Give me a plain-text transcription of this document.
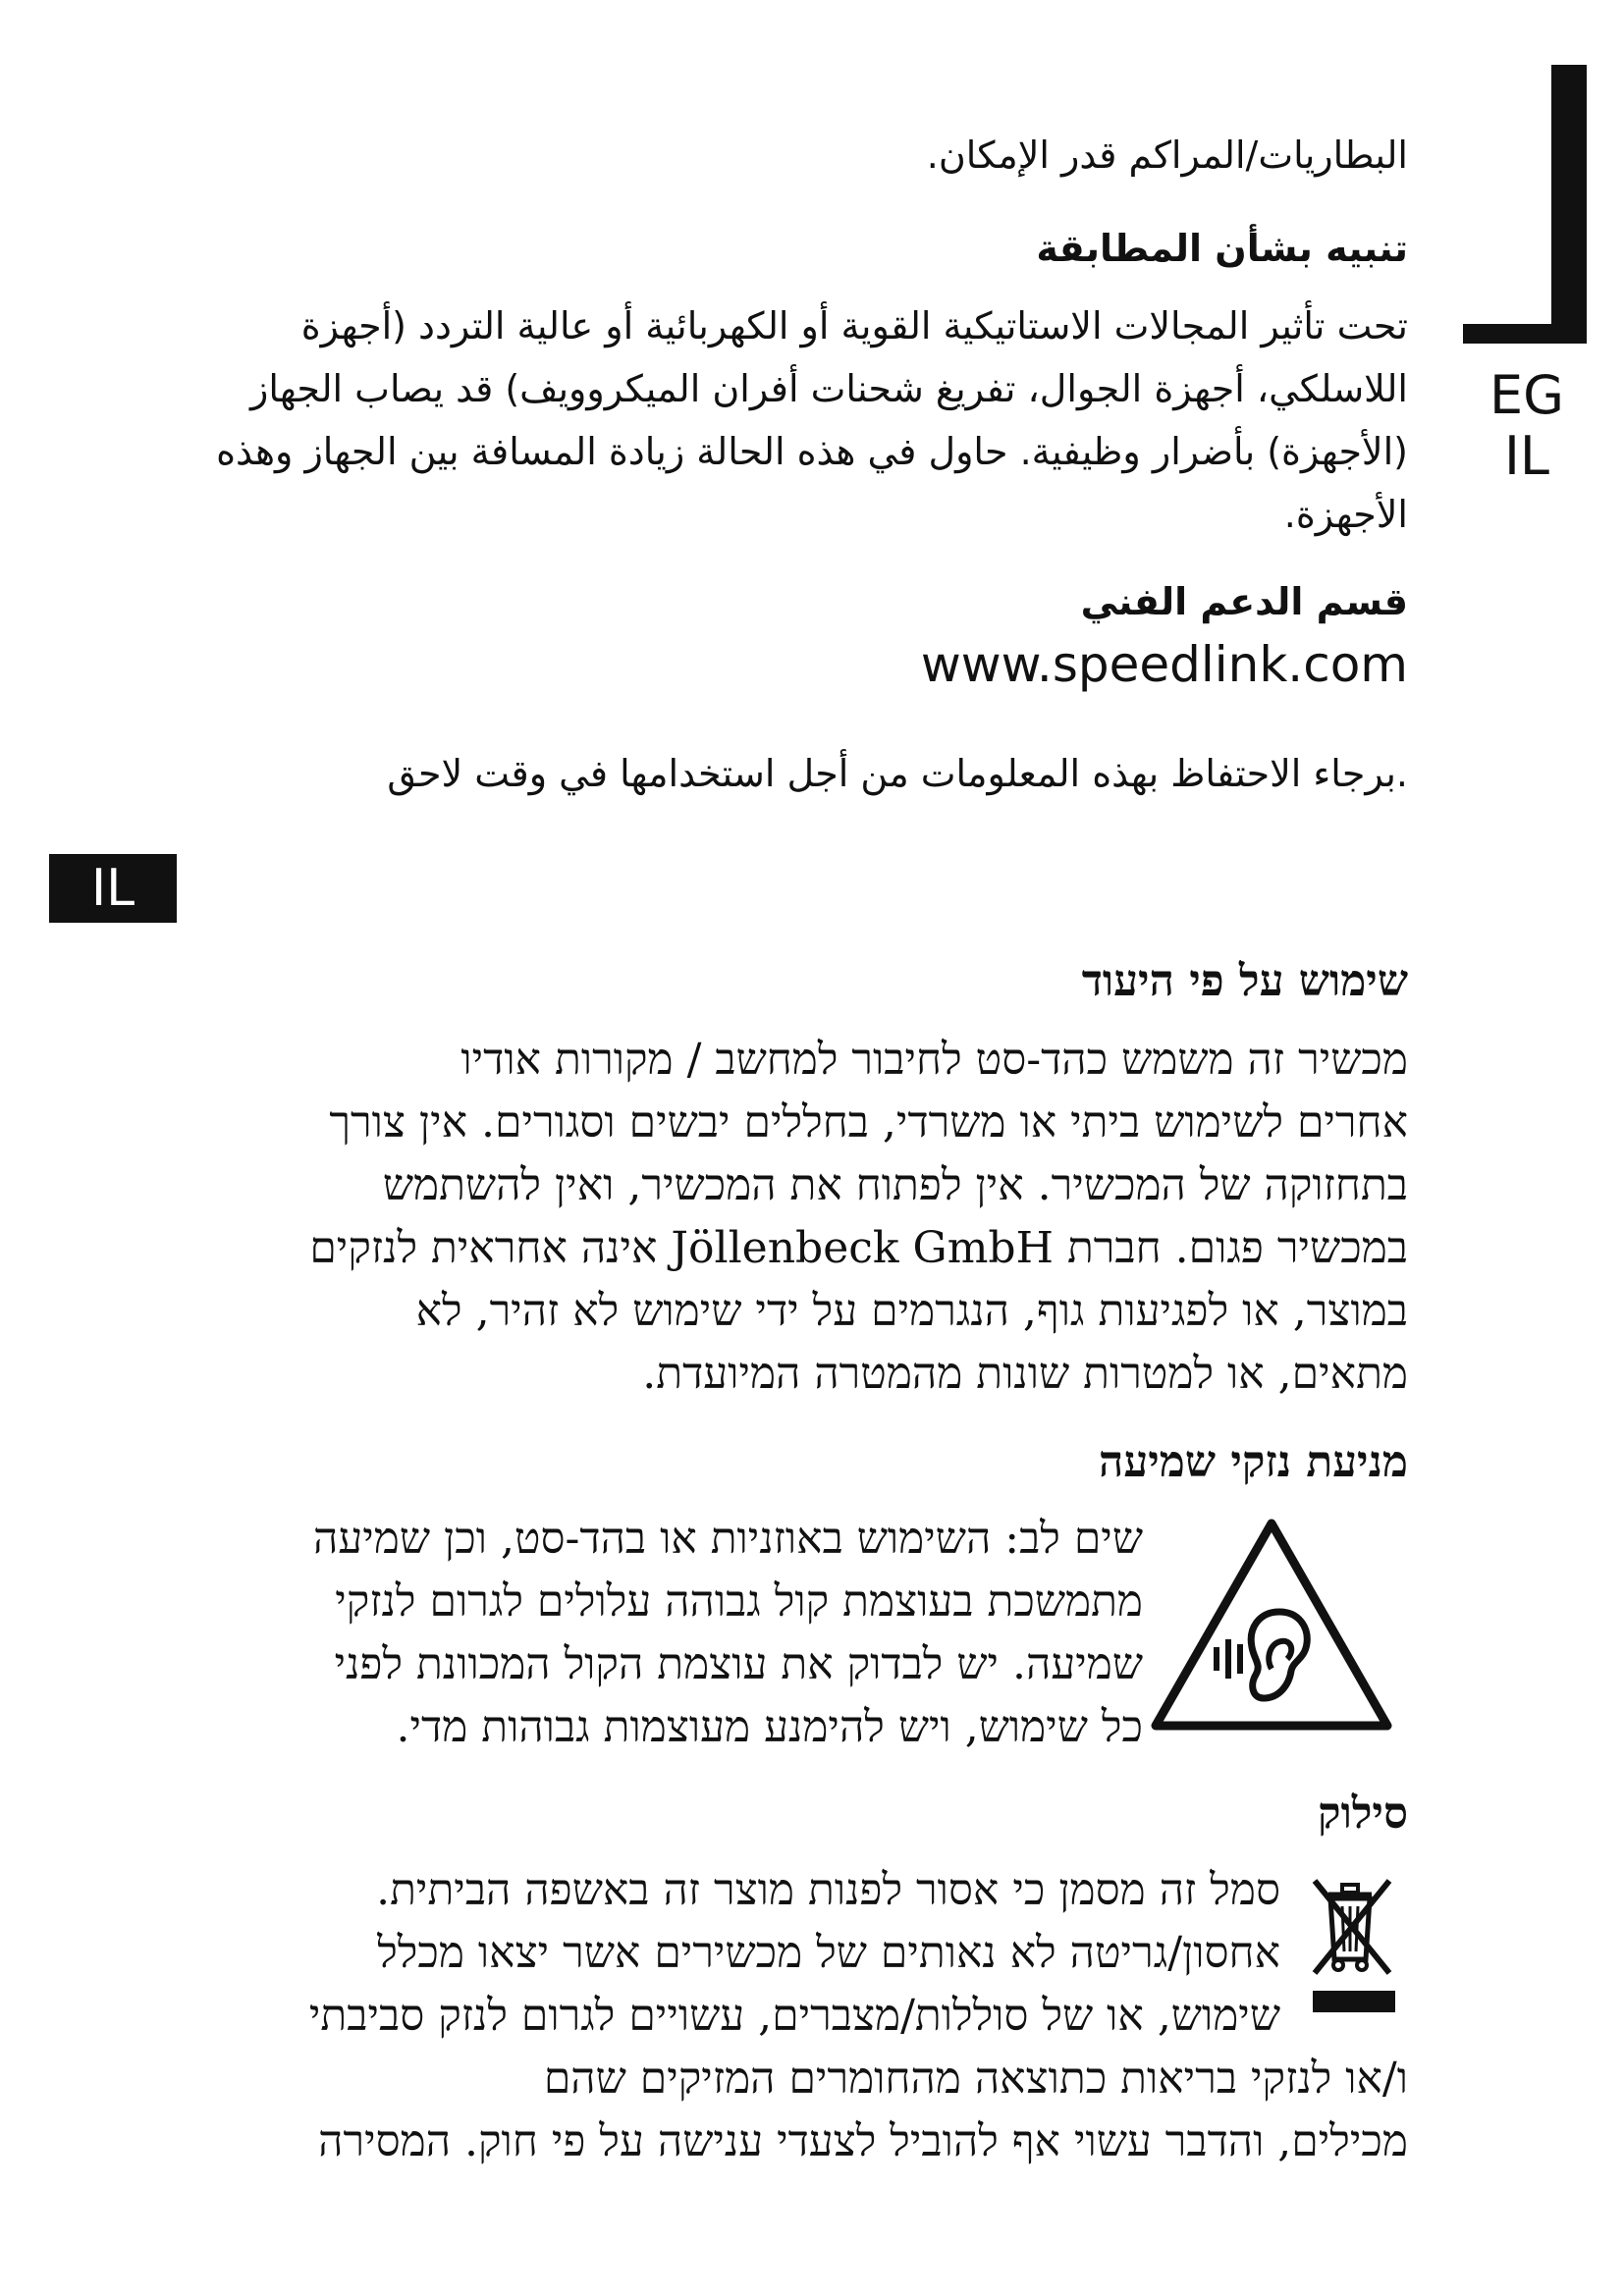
EG
IL
البطاريات/المراكم قدر الإمكان.
تنبيه بشأن المطابقة
تحت تأثير المجالات الاستاتيكية القوية أو الكهربائية أو عالية التردد (أجهزة
اللاسلكي، أجهزة الجوال، تفريغ شحنات أفران الميكروويف) قد يصاب الجهاز
(الأجهزة) بأضرار وظيفية. حاول في هذه الحالة زيادة المسافة بين الجهاز وهذه
الأجهزة.
قسم الدعم الفني
www.speedlink.com
.برجاء الاحتفاظ بهذه المعلومات من أجل استخدامها في وقت لاحق
IL
שימוש על פי היעוד
מכשיר זה משמש כהד-סט לחיבור למחשב / מקורות אודיו
אחרים לשימוש ביתי או משרדי, בחללים יבשים וסגורים. אין צורך
בתחזוקה של המכשיר. אין לפתוח את המכשיר, ואין להשתמש
במכשיר פגום. חברת Jöllenbeck GmbH אינה אחראית לנזקים
במוצר, או לפגיעות גוף, הנגרמים על ידי שימוש לא זהיר, לא
מתאים, או למטרות שונות מהמטרה המיועדת.
מניעת נזקי שמיעה
שים לב: השימוש באוזניות או בהד-סט, וכן שמיעה
מתמשכת בעוצמת קול גבוהה עלולים לגרום לנזקי
שמיעה. יש לבדוק את עוצמת הקול המכוונת לפני
כל שימוש, ויש להימנע מעוצמות גבוהות מדי.
סילוק
סמל זה מסמן כי אסור לפנות מוצר זה באשפה הביתית.
אחסון/גריטה לא נאותים של מכשירים אשר יצאו מכלל
שימוש, או של סוללות/מצברים, עשויים לגרום לנזק סביבתי
ו/או לנזקי בריאות כתוצאה מהחומרים המזיקים שהם
מכילים, והדבר עשוי אף להוביל לצעדי ענישה על פי חוק. המסירה
